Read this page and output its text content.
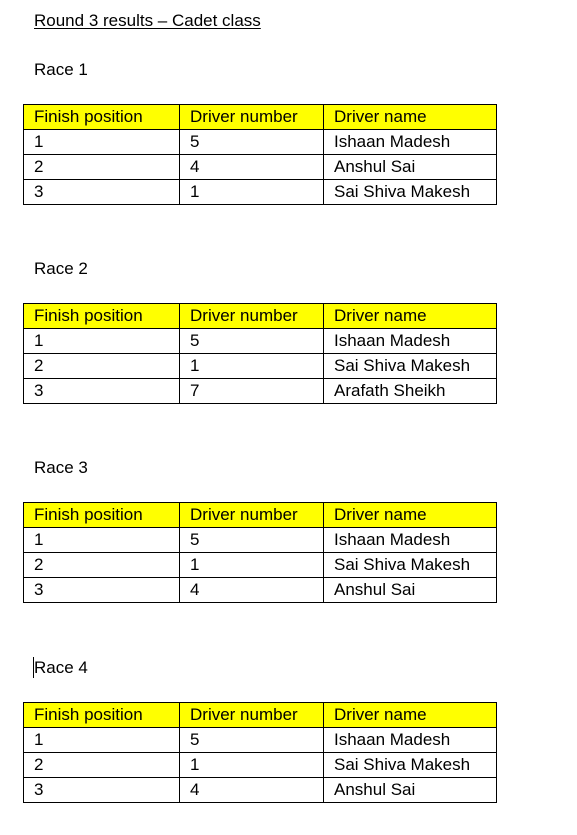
Round 3 results – Cadet class
Race 1
Finish position	Driver number	Driver name
1	5	Ishaan Madesh
2	4	Anshul Sai
3	1	Sai Shiva Makesh
Race 2
Finish position	Driver number	Driver name
1	5	Ishaan Madesh
2	1	Sai Shiva Makesh
3	7	Arafath Sheikh
Race 3
Finish position	Driver number	Driver name
1	5	Ishaan Madesh
2	1	Sai Shiva Makesh
3	4	Anshul Sai
Race 4
Finish position	Driver number	Driver name
1	5	Ishaan Madesh
2	1	Sai Shiva Makesh
3	4	Anshul Sai
